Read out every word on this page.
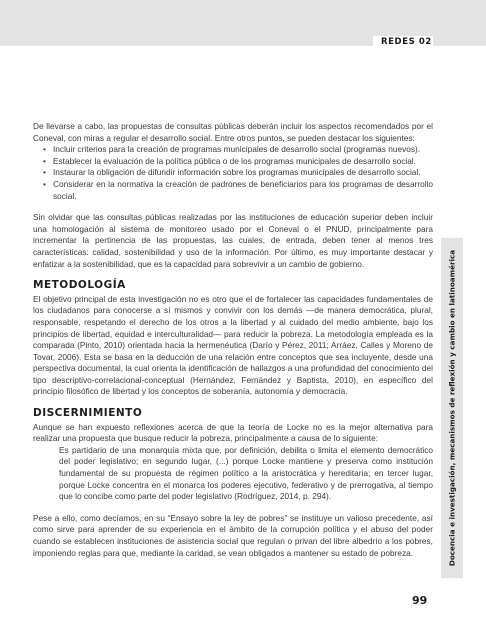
REDES 02

De llevarse a cabo, las propuestas de consultas públicas deberán incluir los aspectos recomendados por el Coneval, con miras a regular el desarrollo social. Entre otros puntos, se pueden destacar los siguientes:

• Incluir criterios para la creación de programas municipales de desarrollo social (programas nuevos).
• Establecer la evaluación de la política pública o de los programas municipales de desarrollo social.
• Instaurar la obligación de difundir información sobre los programas municipales de desarrollo social.
• Considerar en la normativa la creación de padrones de beneficiarios para los programas de desarrollo social.

Sin olvidar que las consultas públicas realizadas por las instituciones de educación superior deben incluir una homologación al sistema de monitoreo usado por el Coneval o el PNUD, principalmente para incrementar la pertinencia de las propuestas, las cuales, de entrada, deben tener al menos tres características: calidad, sostenibilidad y uso de la información. Por último, es muy importante destacar y enfatizar a la sostenibilidad, que es la capacidad para sobrevivir a un cambio de gobierno.

METODOLOGÍA

El objetivo principal de esta investigación no es otro que el de fortalecer las capacidades fundamentales de los ciudadanos para conocerse a sí mismos y convivir con los demás —de manera democrática, plural, responsable, respetando el derecho de los otros a la libertad y al cuidado del medio ambiente, bajo los principios de libertad, equidad e interculturalidad— para reducir la pobreza. La metodología empleada es la comparada (Pinto, 2010) orientada hacia la hermenéutica (Darío y Pérez, 2011; Arráez, Calles y Moreno de Tovar, 2006). Esta se basa en la deducción de una relación entre conceptos que sea incluyente, desde una perspectiva documental, la cual orienta la identificación de hallazgos a una profundidad del conocimiento del tipo descriptivo-correlacional-conceptual (Hernández, Fernández y Baptista, 2010), en específico del principio filosófico de libertad y los conceptos de soberanía, autonomía y democracia.

DISCERNIMIENTO

Aunque se han expuesto reflexiones acerca de que la teoría de Locke no es la mejor alternativa para realizar una propuesta que busque reducir la pobreza, principalmente a causa de lo siguiente:

Es partidario de una monarquía mixta que, por definición, debilita o limita el elemento democrático del poder legislativo; en segundo lugar, (...) porque Locke mantiene y preserva como institución fundamental de su propuesta de régimen político a la aristocrática y hereditaria; en tercer lugar, porque Locke concentra en el monarca los poderes ejecutivo, federativo y de prerrogativa, al tiempo que lo concibe como parte del poder legislativo (Rodríguez, 2014, p. 294).

Pese a ello, como decíamos, en su “Ensayo sobre la ley de pobres” se instituye un valioso precedente, así como sirve para aprender de su experiencia en el ámbito de la corrupción política y el abuso del poder cuando se establecen instituciones de asistencia social que regulan o privan del libre albedrío a los pobres, imponiendo reglas para que, mediante la caridad, se vean obligados a mantener su estado de pobreza.	Docencia e investigación, mecanismos de reflexión y cambio en latinoamérica
99
